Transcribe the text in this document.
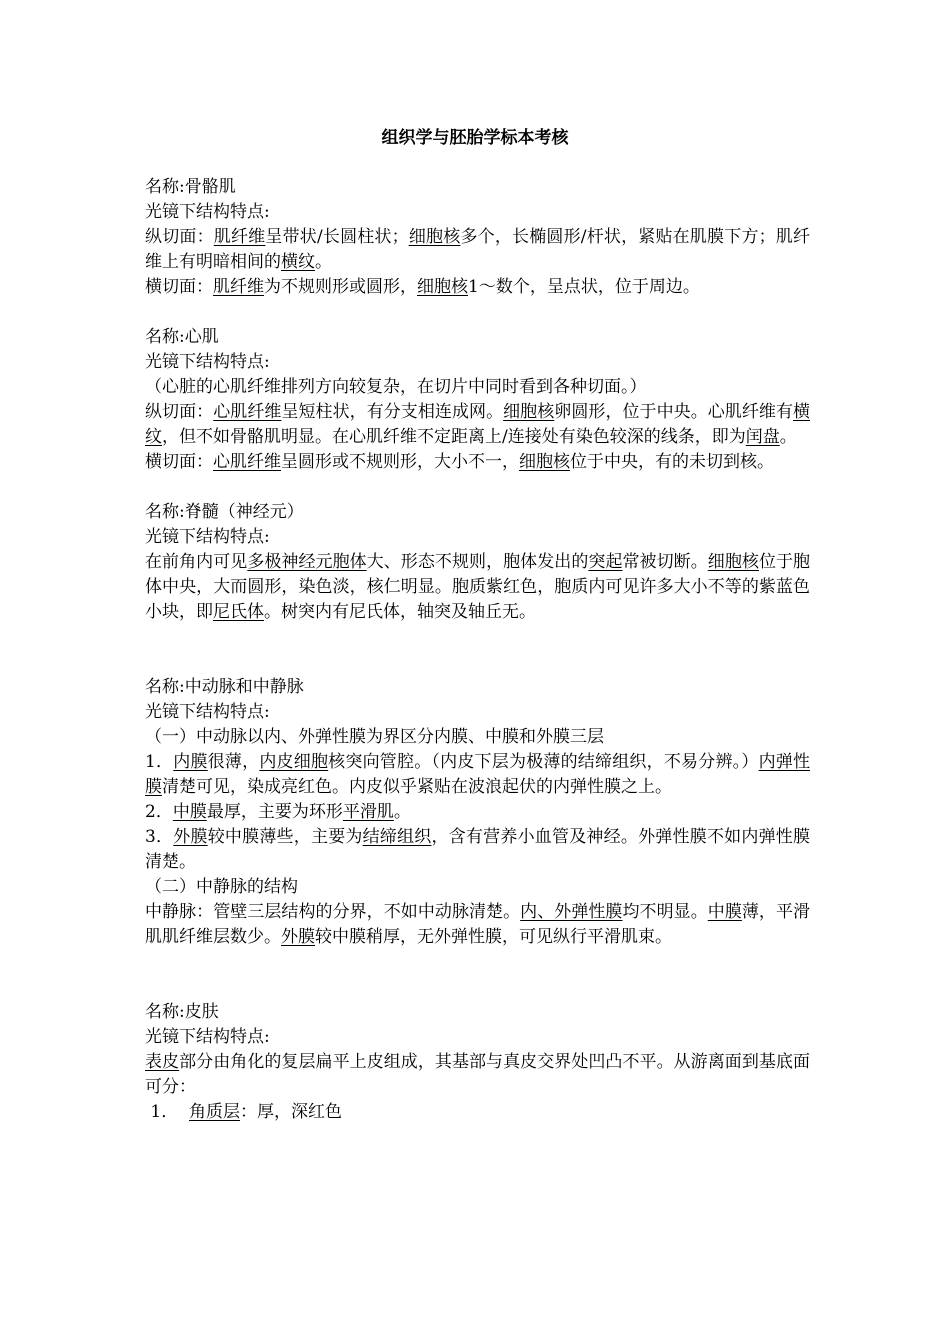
组织学与胚胎学标本考核

名称:骨骼肌

光镜下结构特点:

纵切面：肌纤维呈带状/长圆柱状；细胞核多个，长椭圆形/杆状，紧贴在肌膜下方；肌纤维上有明暗相间的横纹。

横切面：肌纤维为不规则形或圆形，细胞核1～数个，呈点状，位于周边。

名称:心肌

光镜下结构特点:

（心脏的心肌纤维排列方向较复杂，在切片中同时看到各种切面。）

纵切面：心肌纤维呈短柱状，有分支相连成网。细胞核卵圆形，位于中央。心肌纤维有横纹，但不如骨骼肌明显。在心肌纤维不定距离上/连接处有染色较深的线条，即为闰盘。

横切面：心肌纤维呈圆形或不规则形，大小不一，细胞核位于中央，有的未切到核。

名称:脊髓（神经元）

光镜下结构特点:

在前角内可见多极神经元胞体大、形态不规则，胞体发出的突起常被切断。细胞核位于胞体中央，大而圆形，染色淡，核仁明显。胞质紫红色，胞质内可见许多大小不等的紫蓝色小块，即尼氏体。树突内有尼氏体，轴突及轴丘无。

名称:中动脉和中静脉

光镜下结构特点:

（一）中动脉以内、外弹性膜为界区分内膜、中膜和外膜三层

1．内膜很薄，内皮细胞核突向管腔。（内皮下层为极薄的结缔组织，不易分辨。）内弹性膜清楚可见，染成亮红色。内皮似乎紧贴在波浪起伏的内弹性膜之上。

2．中膜最厚，主要为环形平滑肌。

3．外膜较中膜薄些，主要为结缔组织，含有营养小血管及神经。外弹性膜不如内弹性膜清楚。

（二）中静脉的结构

中静脉：管壁三层结构的分界，不如中动脉清楚。内、外弹性膜均不明显。中膜薄，平滑肌肌纤维层数少。外膜较中膜稍厚，无外弹性膜，可见纵行平滑肌束。

名称:皮肤

光镜下结构特点:

表皮部分由角化的复层扁平上皮组成，其基部与真皮交界处凹凸不平。从游离面到基底面可分：

1．  角质层：厚，深红色
